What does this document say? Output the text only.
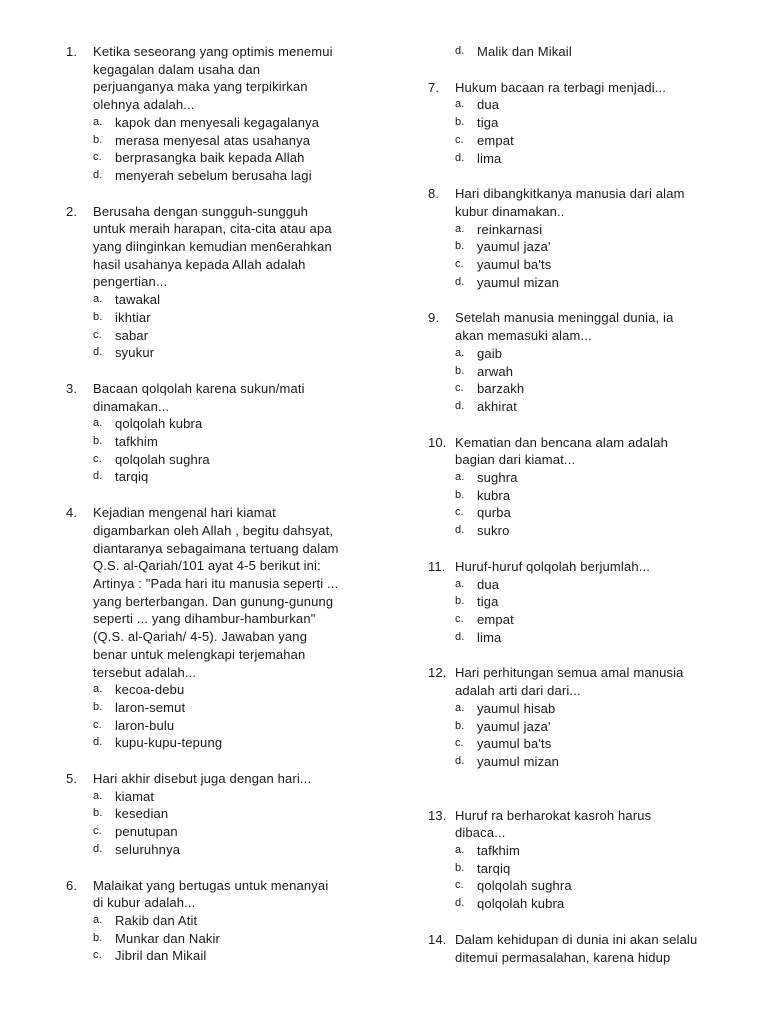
1.	Ketika seseorang yang optimis menemui
kegagalan dalam usaha dan
perjuanganya maka yang terpikirkan
olehnya adalah...
a. kapok dan menyesali kegagalanya
b. merasa menyesal atas usahanya
c. berprasangka baik kepada Allah
d. menyerah sebelum berusaha lagi
2.	Berusaha dengan sungguh-sungguh
untuk meraih harapan, cita-cita atau apa
yang diinginkan kemudian men6erahkan
hasil usahanya kepada Allah adalah
pengertian...
a. tawakal
b. ikhtiar
c. sabar
d. syukur
3.	Bacaan qolqolah karena sukun/mati
dinamakan...
a. qolqolah kubra
b. tafkhim
c. qolqolah sughra
d. tarqiq
4.	Kejadian mengenal hari kiamat
digambarkan oleh Allah , begitu dahsyat,
diantaranya sebagaimana tertuang dalam
Q.S. al-Qariah/101 ayat 4-5 berikut ini:
Artinya : "Pada hari itu manusia seperti ...
yang berterbangan. Dan gunung-gunung
seperti ... yang dihambur-hamburkan"
(Q.S. al-Qariah/ 4-5). Jawaban yang
benar untuk melengkapi terjemahan
tersebut adalah...
a. kecoa-debu
b. laron-semut
c. laron-bulu
d. kupu-kupu-tepung
5.	Hari akhir disebut juga dengan hari...
a. kiamat
b. kesedian
c. penutupan
d. seluruhnya
6.	Malaikat yang bertugas untuk menanyai
di kubur adalah...
a. Rakib dan Atit
b. Munkar dan Nakir
c. Jibril dan Mikail
d. Malik dan Mikail
7.	Hukum bacaan ra terbagi menjadi...
a. dua
b. tiga
c. empat
d. lima
8.	Hari dibangkitkanya manusia dari alam
kubur dinamakan..
a. reinkarnasi
b. yaumul jaza'
c. yaumul ba'ts
d. yaumul mizan
9.	Setelah manusia meninggal dunia, ia
akan memasuki alam...
a. gaib
b. arwah
c. barzakh
d. akhirat
10. Kematian dan bencana alam adalah
bagian dari kiamat...
a. sughra
b. kubra
c. qurba
d. sukro
11. Huruf-huruf qolqolah berjumlah...
a. dua
b. tiga
c. empat
d. lima
12. Hari perhitungan semua amal manusia
adalah arti dari dari...
a. yaumul hisab
b. yaumul jaza'
c. yaumul ba'ts
d. yaumul mizan
13. Huruf ra berharokat kasroh harus
dibaca...
a. tafkhim
b. tarqiq
c. qolqolah sughra
d. qolqolah kubra
14. Dalam kehidupan di dunia ini akan selalu
ditemui permasalahan, karena hidup
